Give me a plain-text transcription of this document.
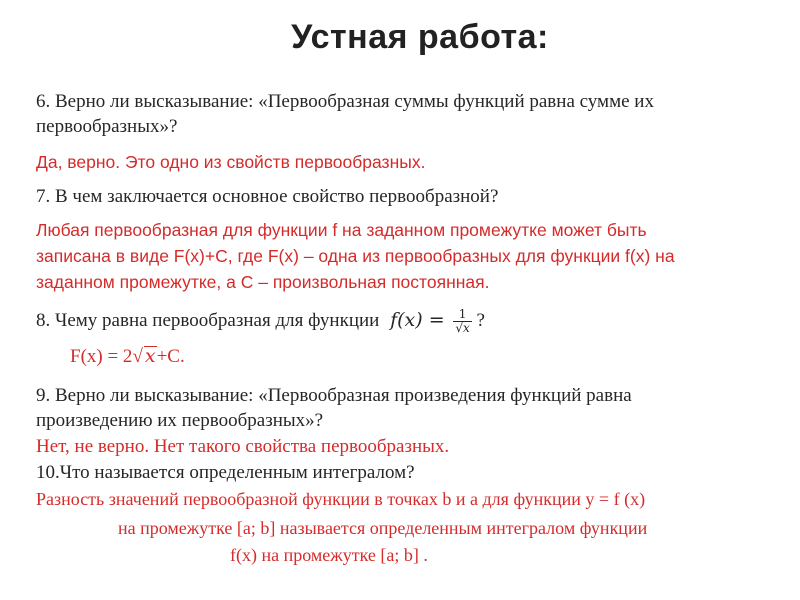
Устная работа:
6. Верно ли высказывание: «Первообразная суммы функций равна сумме их
первообразных»?
Да, верно. Это одно из свойств первообразных.
7. В чем заключается основное свойство первообразной?
Любая первообразная для функции f на заданном промежутке может быть
записана в виде F(x)+C, где F(x) – одна из первообразных для функции f(x) на
заданном промежутке, а С – произвольная постоянная.
8. Чему равна первообразная для функции $f(x) = \frac{1}{√x}$ ?
F(x) = 2√ x+C.
9. Верно ли высказывание: «Первообразная произведения функций равна
произведению их первообразных»?
Нет, не верно. Нет такого свойства первообразных.
10.Что называется определенным интегралом?
Разность значений первообразной функции в точках b и a для функции y = f (x)
на промежутке [a; b] называется определенным интегралом функции
f(x) на промежутке [a; b] .
